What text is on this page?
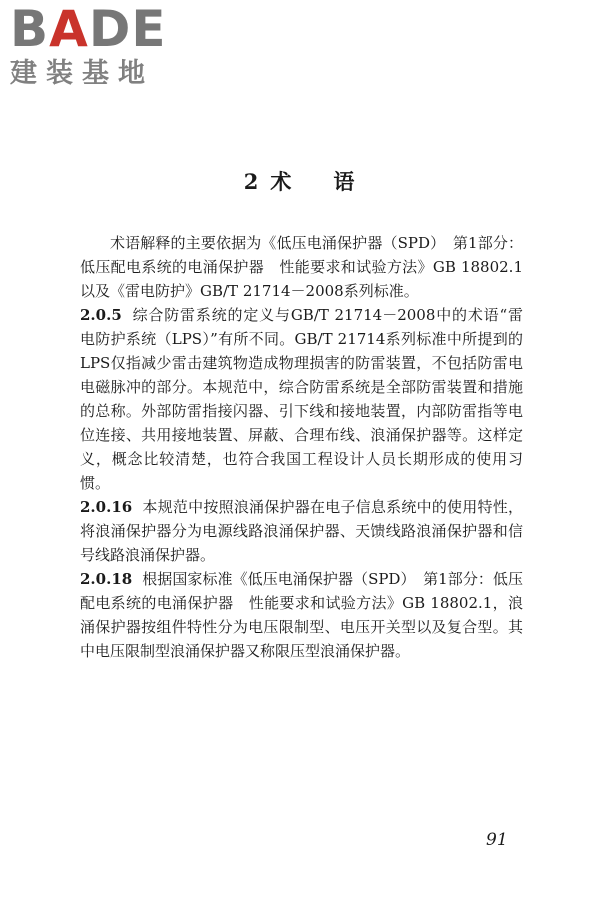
B A DE
建装基地
2 术 语

术语解释的主要依据为《低压电涌保护器（SPD）　第1部分：低压配电系统的电涌保护器　性能要求和试验方法》GB 18802.1以及《雷电防护》GB/T 21714－2008系列标准。

2.0.5 综合防雷系统的定义与GB/T 21714－2008中的术语“雷电防护系统（LPS）”有所不同。GB/T 21714系列标准中所提到的LPS仅指减少雷击建筑物造成物理损害的防雷装置，不包括防雷电电磁脉冲的部分。本规范中，综合防雷系统是全部防雷装置和措施的总称。外部防雷指接闪器、引下线和接地装置，内部防雷指等电位连接、共用接地装置、屏蔽、合理布线、浪涌保护器等。这样定义，概念比较清楚，也符合我国工程设计人员长期形成的使用习惯。

2.0.16 本规范中按照浪涌保护器在电子信息系统中的使用特性，将浪涌保护器分为电源线路浪涌保护器、天馈线路浪涌保护器和信号线路浪涌保护器。

2.0.18 根据国家标准《低压电涌保护器（SPD）　第1部分：低压配电系统的电涌保护器　性能要求和试验方法》GB 18802.1，浪涌保护器按组件特性分为电压限制型、电压开关型以及复合型。其中电压限制型浪涌保护器又称限压型浪涌保护器。

91
